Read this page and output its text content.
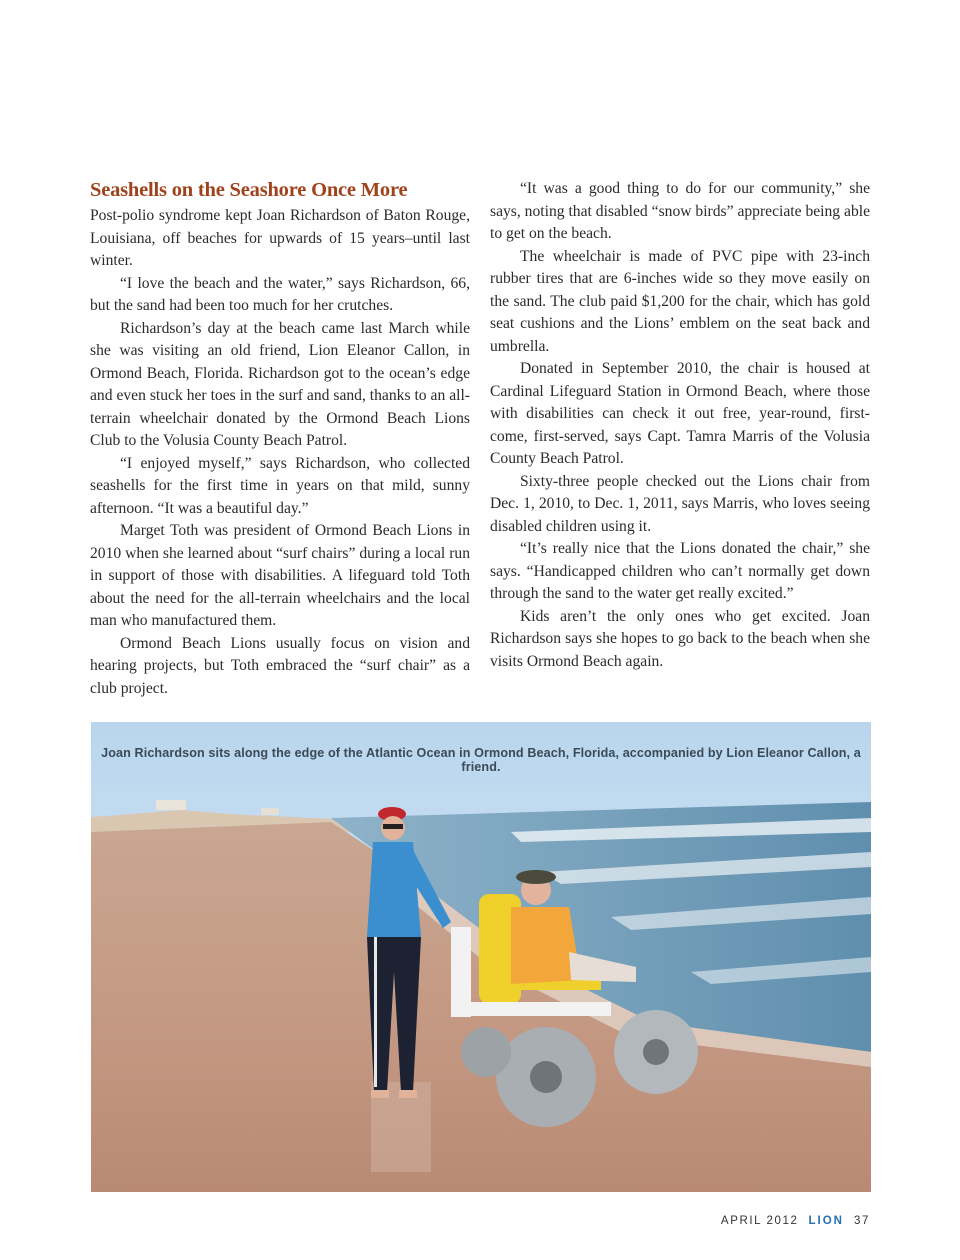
Seashells on the Seashore Once More

Post-polio syndrome kept Joan Richardson of Baton Rouge, Louisiana, off beaches for upwards of 15 years–until last winter.

“I love the beach and the water,” says Richardson, 66, but the sand had been too much for her crutches.

Richardson’s day at the beach came last March while she was visiting an old friend, Lion Eleanor Callon, in Ormond Beach, Florida. Richardson got to the ocean’s edge and even stuck her toes in the surf and sand, thanks to an all-terrain wheelchair donated by the Ormond Beach Lions Club to the Volusia County Beach Patrol.

“I enjoyed myself,” says Richardson, who collected seashells for the first time in years on that mild, sunny afternoon. “It was a beautiful day.”

Marget Toth was president of Ormond Beach Lions in 2010 when she learned about “surf chairs” during a local run in support of those with disabilities. A lifeguard told Toth about the need for the all-terrain wheelchairs and the local man who manufactured them.

Ormond Beach Lions usually focus on vision and hearing projects, but Toth embraced the “surf chair” as a club project.

“It was a good thing to do for our community,” she says, noting that disabled “snow birds” appreciate being able to get on the beach.

The wheelchair is made of PVC pipe with 23-inch rubber tires that are 6-inches wide so they move easily on the sand. The club paid $1,200 for the chair, which has gold seat cushions and the Lions’ emblem on the seat back and umbrella.

Donated in September 2010, the chair is housed at Cardinal Lifeguard Station in Ormond Beach, where those with disabilities can check it out free, year-round, first-come, first-served, says Capt. Tamra Marris of the Volusia County Beach Patrol.

Sixty-three people checked out the Lions chair from Dec. 1, 2010, to Dec. 1, 2011, says Marris, who loves seeing disabled children using it.

“It’s really nice that the Lions donated the chair,” she says. “Handicapped children who can’t normally get down through the sand to the water get really excited.”

Kids aren’t the only ones who get excited. Joan Richardson says she hopes to go back to the beach when she visits Ormond Beach again.

Joan Richardson sits along the edge of the Atlantic Ocean in Ormond Beach, Florida, accompanied by Lion Eleanor Callon, a friend.
APRIL 2012 LION 37
